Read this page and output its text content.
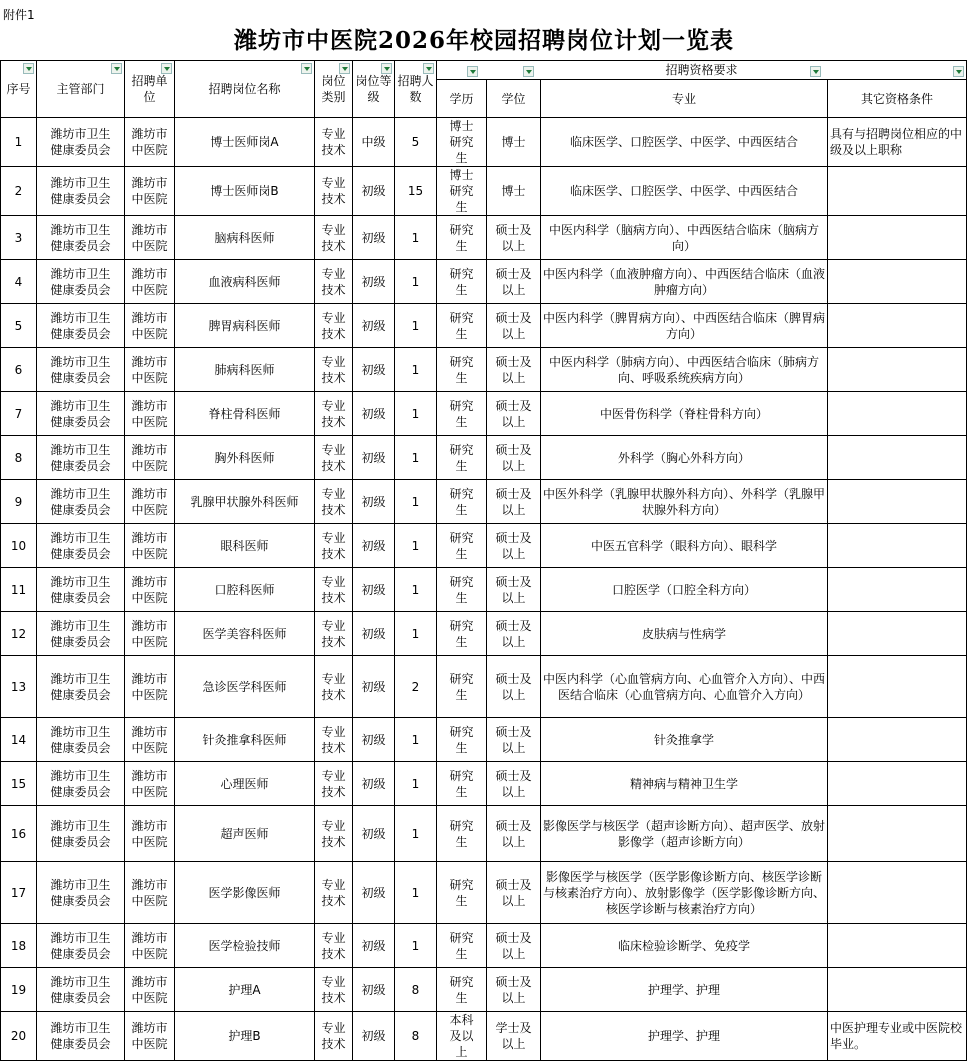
附件1
潍坊市中医院2026年校园招聘岗位计划一览表
序号	主管部门	招聘单位	招聘岗位名称	岗位类别	岗位等级	招聘人数	招聘资格要求			

							学历	学位	专业	其它资格条件
1	潍坊市卫生健康委员会	潍坊市中医院	博士医师岗A	专业技术	中级	5	博士研究生	博士	临床医学、口腔医学、中医学、中西医结合	具有与招聘岗位相应的中级及以上职称
2	潍坊市卫生健康委员会	潍坊市中医院	博士医师岗B	专业技术	初级	15	博士研究生	博士	临床医学、口腔医学、中医学、中西医结合	
3	潍坊市卫生健康委员会	潍坊市中医院	脑病科医师	专业技术	初级	1	研究生	硕士及以上	中医内科学（脑病方向）、中西医结合临床（脑病方向）	
4	潍坊市卫生健康委员会	潍坊市中医院	血液病科医师	专业技术	初级	1	研究生	硕士及以上	中医内科学（血液肿瘤方向）、中西医结合临床（血液肿瘤方向）	
5	潍坊市卫生健康委员会	潍坊市中医院	脾胃病科医师	专业技术	初级	1	研究生	硕士及以上	中医内科学（脾胃病方向）、中西医结合临床（脾胃病方向）	
6	潍坊市卫生健康委员会	潍坊市中医院	肺病科医师	专业技术	初级	1	研究生	硕士及以上	中医内科学（肺病方向）、中西医结合临床（肺病方向、呼吸系统疾病方向）	
7	潍坊市卫生健康委员会	潍坊市中医院	脊柱骨科医师	专业技术	初级	1	研究生	硕士及以上	中医骨伤科学（脊柱骨科方向）	
8	潍坊市卫生健康委员会	潍坊市中医院	胸外科医师	专业技术	初级	1	研究生	硕士及以上	外科学（胸心外科方向）	
9	潍坊市卫生健康委员会	潍坊市中医院	乳腺甲状腺外科医师	专业技术	初级	1	研究生	硕士及以上	中医外科学（乳腺甲状腺外科方向）、外科学（乳腺甲状腺外科方向）	
10	潍坊市卫生健康委员会	潍坊市中医院	眼科医师	专业技术	初级	1	研究生	硕士及以上	中医五官科学（眼科方向）、眼科学	
11	潍坊市卫生健康委员会	潍坊市中医院	口腔科医师	专业技术	初级	1	研究生	硕士及以上	口腔医学（口腔全科方向）	
12	潍坊市卫生健康委员会	潍坊市中医院	医学美容科医师	专业技术	初级	1	研究生	硕士及以上	皮肤病与性病学	
13	潍坊市卫生健康委员会	潍坊市中医院	急诊医学科医师	专业技术	初级	2	研究生	硕士及以上	中医内科学（心血管病方向、心血管介入方向）、中西医结合临床（心血管病方向、心血管介入方向）	
14	潍坊市卫生健康委员会	潍坊市中医院	针灸推拿科医师	专业技术	初级	1	研究生	硕士及以上	针灸推拿学	
15	潍坊市卫生健康委员会	潍坊市中医院	心理医师	专业技术	初级	1	研究生	硕士及以上	精神病与精神卫生学	
16	潍坊市卫生健康委员会	潍坊市中医院	超声医师	专业技术	初级	1	研究生	硕士及以上	影像医学与核医学（超声诊断方向）、超声医学、放射影像学（超声诊断方向）	
17	潍坊市卫生健康委员会	潍坊市中医院	医学影像医师	专业技术	初级	1	研究生	硕士及以上	影像医学与核医学（医学影像诊断方向、核医学诊断与核素治疗方向）、放射影像学（医学影像诊断方向、核医学诊断与核素治疗方向）	
18	潍坊市卫生健康委员会	潍坊市中医院	医学检验技师	专业技术	初级	1	研究生	硕士及以上	临床检验诊断学、免疫学	
19	潍坊市卫生健康委员会	潍坊市中医院	护理A	专业技术	初级	8	研究生	硕士及以上	护理学、护理	
20	潍坊市卫生健康委员会	潍坊市中医院	护理B	专业技术	初级	8	本科及以上	学士及以上	护理学、护理	中医护理专业或中医院校毕业。
